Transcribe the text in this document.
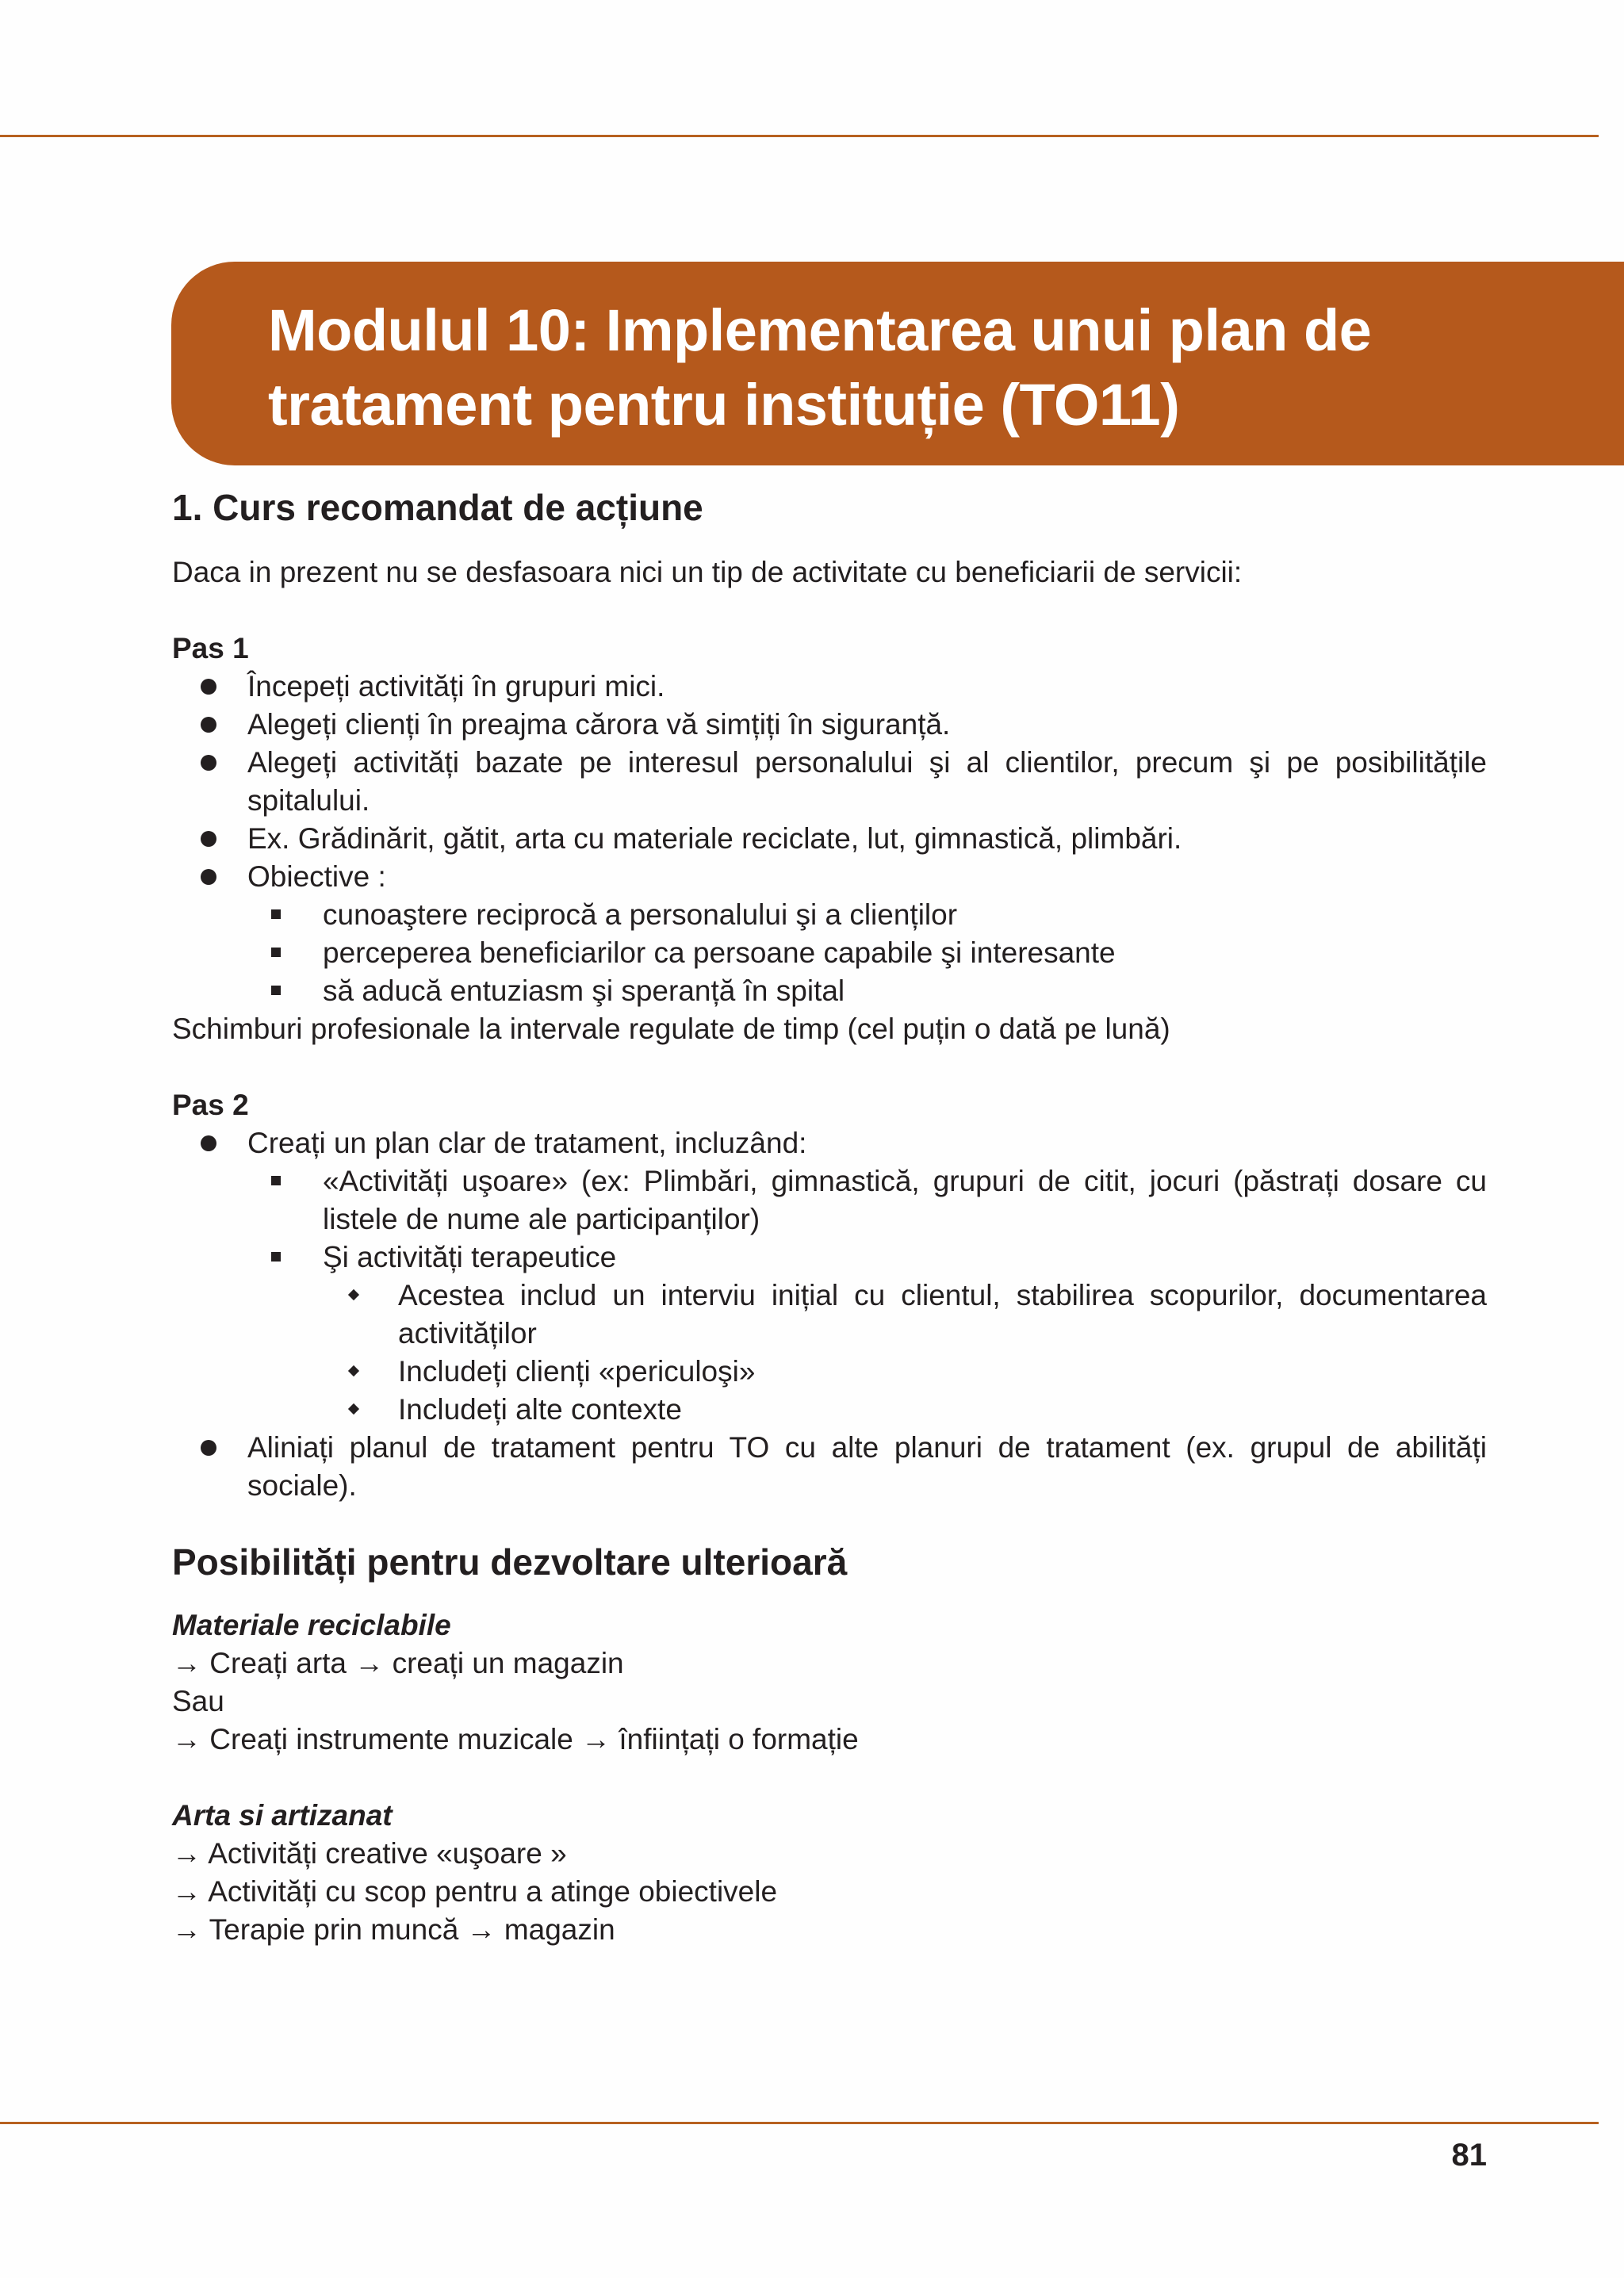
Modulul 10: Implementarea unui plan de
tratament pentru instituție (TO11)
1. Curs recomandat de acțiune

Daca in prezent nu se desfasoara nici un tip de activitate cu beneficiarii de servicii:

Pas 1

Începeți activități în grupuri mici.
Alegeți clienți în preajma cărora vă simțiți în siguranță.
Alegeți activități bazate pe interesul personalului şi al clientilor, precum şi pe posibilitățile spitalului.
Ex. Grădinărit, gătit, arta cu materiale reciclate, lut, gimnastică, plimbări.
Obiective :
cunoaştere reciprocă a personalului şi a clienților
perceperea beneficiarilor ca persoane capabile şi interesante
să aducă entuziasm şi speranță în spital

Schimburi profesionale la intervale regulate de timp (cel puțin o dată pe lună)

Pas 2

Creați un plan clar de tratament, incluzând:
«Activități uşoare» (ex: Plimbări, gimnastică, grupuri de citit, jocuri (păstrați dosare cu listele de nume ale participanților)
Şi activități terapeutice
Acestea includ un interviu inițial cu clientul, stabilirea scopurilor, documentarea activităților
Includeți clienți «periculoşi»
Includeți alte contexte
Aliniați planul de tratament pentru TO cu alte planuri de tratament (ex. grupul de abilități sociale).
Posibilități pentru dezvoltare ulterioară

Materiale reciclabile

→ Creați arta → creați un magazin

Sau

→ Creați instrumente muzicale → înființați o formație

Arta si artizanat

→ Activități creative «uşoare »

→ Activități cu scop pentru a atinge obiectivele

→ Terapie prin muncă → magazin

81
